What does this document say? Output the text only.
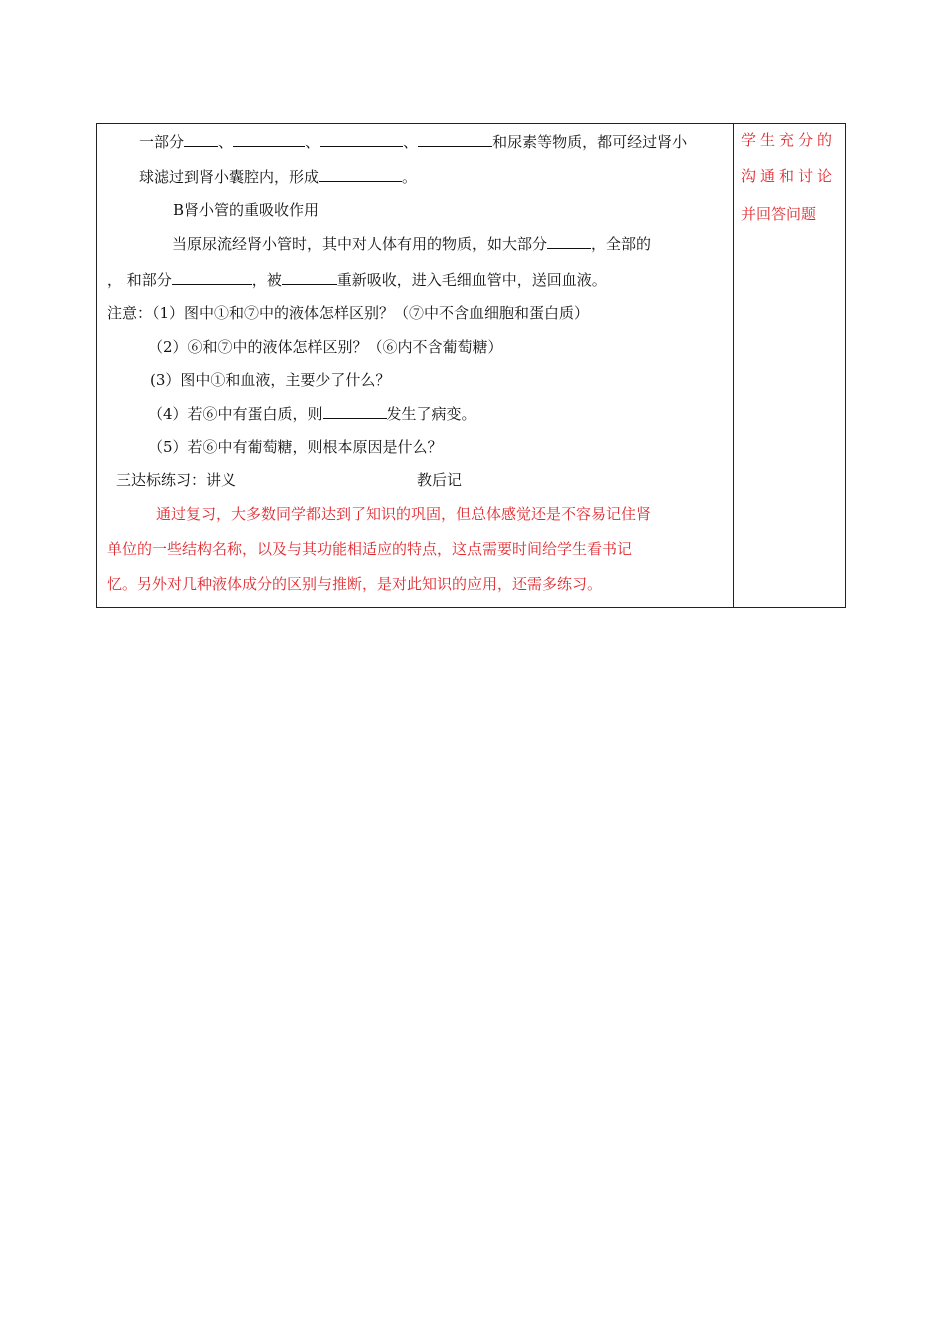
一部分 、	、	、	和尿素等物质，都可经过肾小
球滤过到肾小囊腔内，形成	。
B肾小管的重吸收作用
当原尿流经肾小管时，其中对人体有用的物质，如大部分	，全部的
， 和部分	，被	重新吸收，进入毛细血管中，送回血液。
注意：（1）图中①和⑦中的液体怎样区别？（⑦中不含血细胞和蛋白质）
（2）⑥和⑦中的液体怎样区别？（⑥内不含葡萄糖）
(3）图中①和血液，主要少了什么？
（4）若⑥中有蛋白质，则	发生了病变。
（5）若⑥中有葡萄糖，则根本原因是什么？
三达标练习：讲义	教后记
通过复习，大多数同学都达到了知识的巩固，但总体感觉还是不容易记住肾
单位的一些结构名称，以及与其功能相适应的特点，这点需要时间给学生看书记
忆。另外对几种液体成分的区别与推断，是对此知识的应用，还需多练习。
学生充分的
沟通和讨论
并回答问题
